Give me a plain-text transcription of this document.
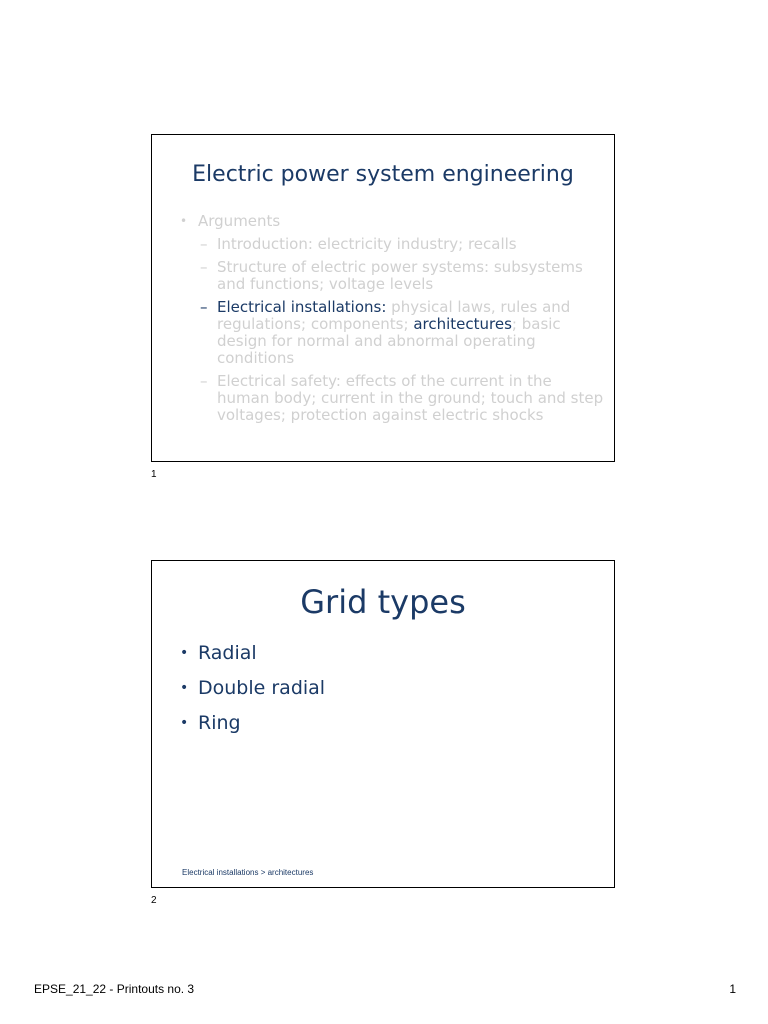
Electric power system engineering
• Arguments
– Introduction: electricity industry; recalls
– Structure of electric power systems: subsystems and functions; voltage levels
– Electrical installations: physical laws, rules and regulations; components; architectures; basic design for normal and abnormal operating conditions
– Electrical safety: effects of the current in the human body; current in the ground; touch and step voltages; protection against electric shocks
1
Grid types
• Radial
• Double radial
• Ring
Electrical installations > architectures
2
EPSE_21_22 - Printouts no. 3	1
